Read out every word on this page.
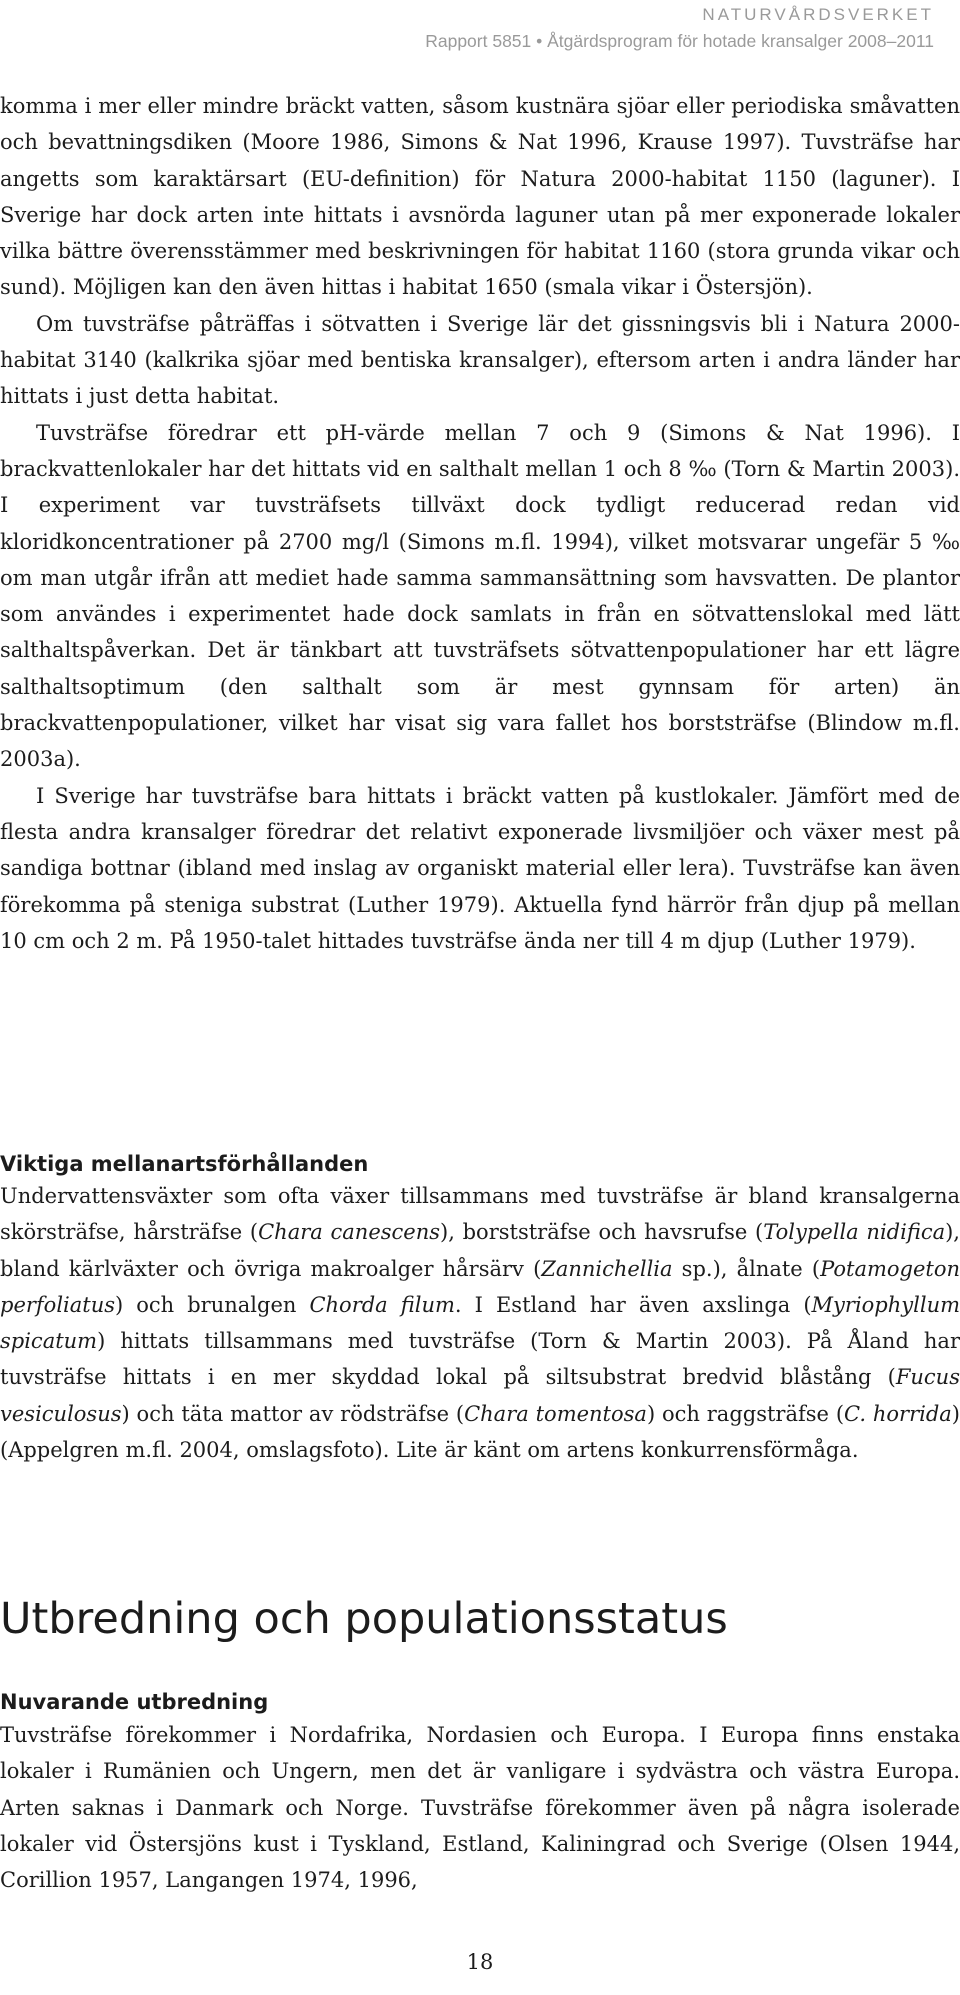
NATURVÅRDSVERKET
Rapport 5851 • Åtgärdsprogram för hotade kransalger 2008–2011

komma i mer eller mindre bräckt vatten, såsom kustnära sjöar eller periodiska småvatten och bevattningsdiken (Moore 1986, Simons & Nat 1996, Krause 1997). Tuvsträfse har angetts som karaktärsart (EU-definition) för Natura 2000-habitat 1150 (laguner). I Sverige har dock arten inte hittats i avsnörda laguner utan på mer exponerade lokaler vilka bättre överensstämmer med beskrivningen för habitat 1160 (stora grunda vikar och sund). Möjligen kan den även hittas i habitat 1650 (smala vikar i Östersjön).

Om tuvsträfse påträffas i sötvatten i Sverige lär det gissningsvis bli i Natura 2000-habitat 3140 (kalkrika sjöar med bentiska kransalger), eftersom arten i andra länder har hittats i just detta habitat.

Tuvsträfse föredrar ett pH-värde mellan 7 och 9 (Simons & Nat 1996). I brackvattenlokaler har det hittats vid en salthalt mellan 1 och 8 ‰ (Torn & Martin 2003). I experiment var tuvsträfsets tillväxt dock tydligt reducerad redan vid kloridkoncentrationer på 2700 mg/l (Simons m.fl. 1994), vilket motsvarar ungefär 5 ‰ om man utgår ifrån att mediet hade samma sammansättning som havsvatten. De plantor som användes i experimentet hade dock samlats in från en sötvattenslokal med lätt salthaltspåverkan. Det är tänkbart att tuvsträfsets sötvattenpopulationer har ett lägre salthaltsoptimum (den salthalt som är mest gynnsam för arten) än brackvattenpopulationer, vilket har visat sig vara fallet hos borststräfse (Blindow m.fl. 2003a).

I Sverige har tuvsträfse bara hittats i bräckt vatten på kustlokaler. Jämfört med de flesta andra kransalger föredrar det relativt exponerade livsmiljöer och växer mest på sandiga bottnar (ibland med inslag av organiskt material eller lera). Tuvsträfse kan även förekomma på steniga substrat (Luther 1979). Aktuella fynd härrör från djup på mellan 10 cm och 2 m. På 1950-talet hittades tuvsträfse ända ner till 4 m djup (Luther 1979).

Viktiga mellanartsförhållanden

Undervattensväxter som ofta växer tillsammans med tuvsträfse är bland kransalgerna skörsträfse, hårsträfse (Chara canescens), borststräfse och havsrufse (Tolypella nidifica), bland kärlväxter och övriga makroalger hårsärv (Zannichellia sp.), ålnate (Potamogeton perfoliatus) och brunalgen Chorda filum. I Estland har även axslinga (Myriophyllum spicatum) hittats tillsammans med tuvsträfse (Torn & Martin 2003). På Åland har tuvsträfse hittats i en mer skyddad lokal på siltsubstrat bredvid blåstång (Fucus vesiculosus) och täta mattor av rödsträfse (Chara tomentosa) och raggsträfse (C. horrida) (Appelgren m.fl. 2004, omslagsfoto). Lite är känt om artens konkurrensförmåga.

Utbredning och populationsstatus
Nuvarande utbredning

Tuvsträfse förekommer i Nordafrika, Nordasien och Europa. I Europa finns enstaka lokaler i Rumänien och Ungern, men det är vanligare i sydvästra och västra Europa. Arten saknas i Danmark och Norge. Tuvsträfse förekommer även på några isolerade lokaler vid Östersjöns kust i Tyskland, Estland, Kaliningrad och Sverige (Olsen 1944, Corillion 1957, Langangen 1974, 1996,

18
